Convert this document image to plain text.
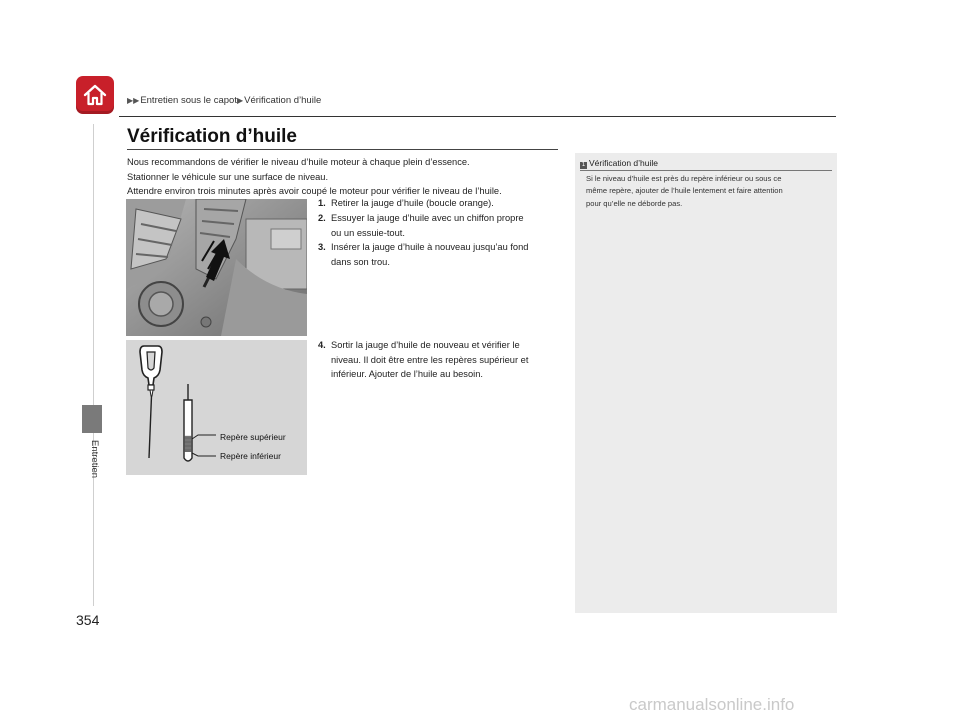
▶▶Entretien sous le capot▶Vérification d’huile
Entretien
354
Vérification d’huile

Nous recommandons de vérifier le niveau d’huile moteur à chaque plein d’essence.

Stationner le véhicule sur une surface de niveau.

Attendre environ trois minutes après avoir coupé le moteur pour vérifier le niveau de l’huile.

1. Retirer la jauge d’huile (boucle orange).

2. Essuyer la jauge d’huile avec un chiffon propre

ou un essuie-tout.

3. Insérer la jauge d’huile à nouveau jusqu’au fond

dans son trou.

4. Sortir la jauge d’huile de nouveau et vérifier le

niveau. Il doit être entre les repères supérieur et

inférieur. Ajouter de l’huile au besoin.

Repère supérieur
Repère inférieur
1 Vérification d’huile

Si le niveau d’huile est près du repère inférieur ou sous ce

même repère, ajouter de l’huile lentement et faire attention

pour qu’elle ne déborde pas.

carmanualsonline.info
